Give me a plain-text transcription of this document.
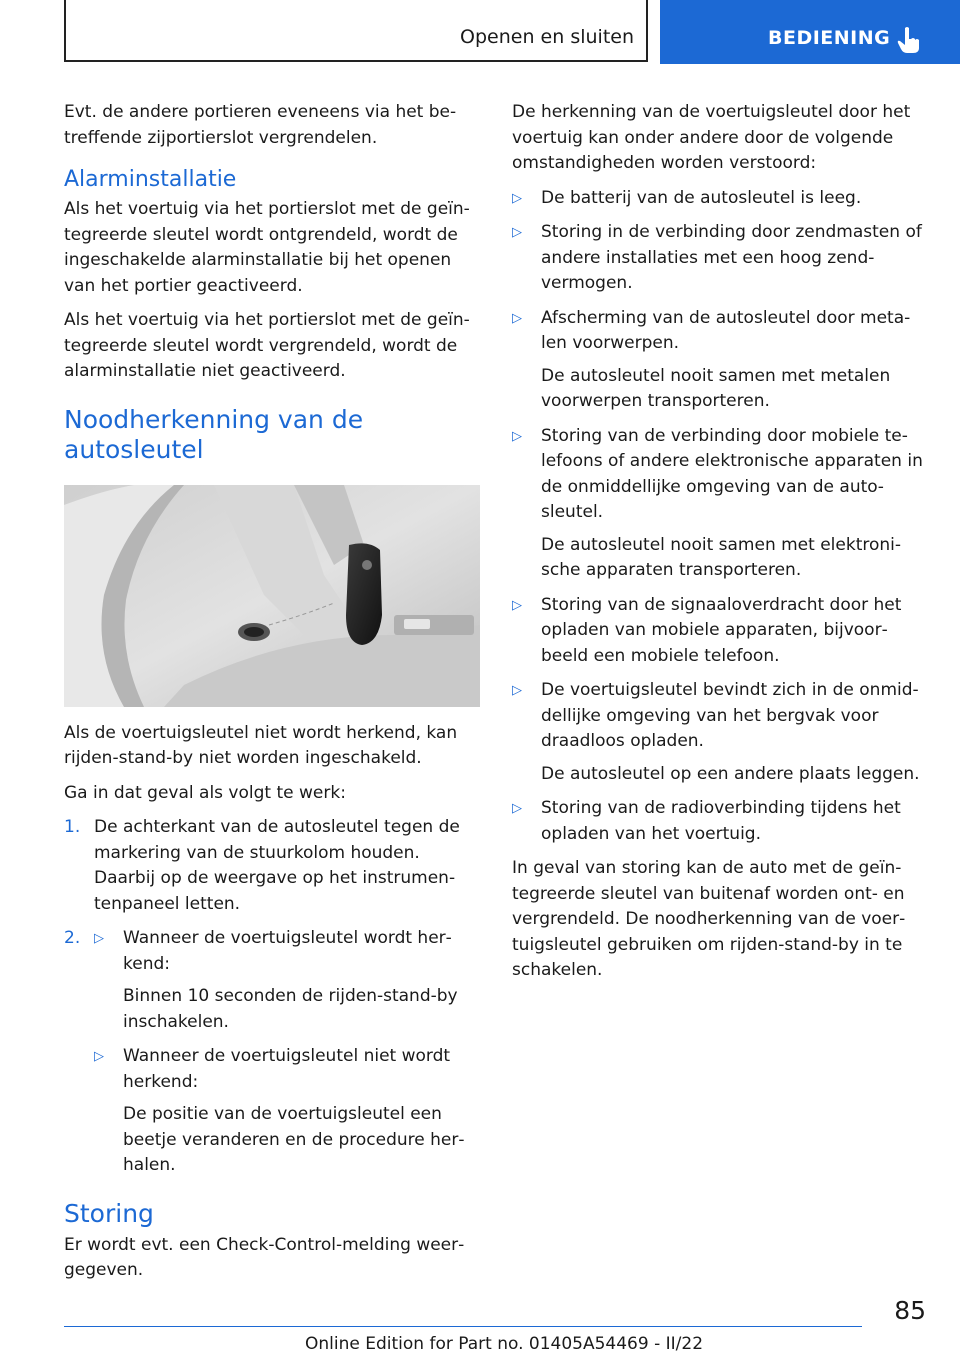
Openen en sluiten	BEDIENING

Evt. de andere portieren eveneens via het betreffende zijportierslot vergrendelen.

Alarminstallatie

Als het voertuig via het portierslot met de geïntegreerde sleutel wordt ontgrendeld, wordt de ingeschakelde alarminstallatie bij het openen van het portier geactiveerd.

Als het voertuig via het portierslot met de geïntegreerde sleutel wordt vergrendeld, wordt de alarminstallatie niet geactiveerd.

Noodherkenning van de autosleutel

Als de voertuigsleutel niet wordt herkend, kan rijden-stand-by niet worden ingeschakeld.

Ga in dat geval als volgt te werk:

1. De achterkant van de autosleutel tegen de markering van de stuurkolom houden. Daarbij op de weergave op het instrumentenpaneel letten.
2. ▷ Wanneer de voertuigsleutel wordt herkend:
Binnen 10 seconden de rijden-stand-by inschakelen.
▷ Wanneer de voertuigsleutel niet wordt herkend:
De positie van de voertuigsleutel een beetje veranderen en de procedure herhalen.
Storing

Er wordt evt. een Check-Control-melding weergegeven.

De herkenning van de voertuigsleutel door het voertuig kan onder andere door de volgende omstandigheden worden verstoord:

▷ De batterij van de autosleutel is leeg.
▷ Storing in de verbinding door zendmasten of andere installaties met een hoog zendvermogen.
▷ Afscherming van de autosleutel door metalen voorwerpen.
De autosleutel nooit samen met metalen voorwerpen transporteren.
▷ Storing van de verbinding door mobiele telefoons of andere elektronische apparaten in de onmiddellijke omgeving van de autosleutel.
De autosleutel nooit samen met elektronische apparaten transporteren.
▷ Storing van de signaaloverdracht door het opladen van mobiele apparaten, bijvoorbeeld een mobiele telefoon.
▷ De voertuigsleutel bevindt zich in de onmiddellijke omgeving van het bergvak voor draadloos opladen.
De autosleutel op een andere plaats leggen.
▷ Storing van de radioverbinding tijdens het opladen van het voertuig.

In geval van storing kan de auto met de geïntegreerde sleutel van buitenaf worden ont- en vergrendeld. De noodherkenning van de voertuigsleutel gebruiken om rijden-stand-by in te schakelen.

85
Online Edition for Part no. 01405A54469 - II/22
